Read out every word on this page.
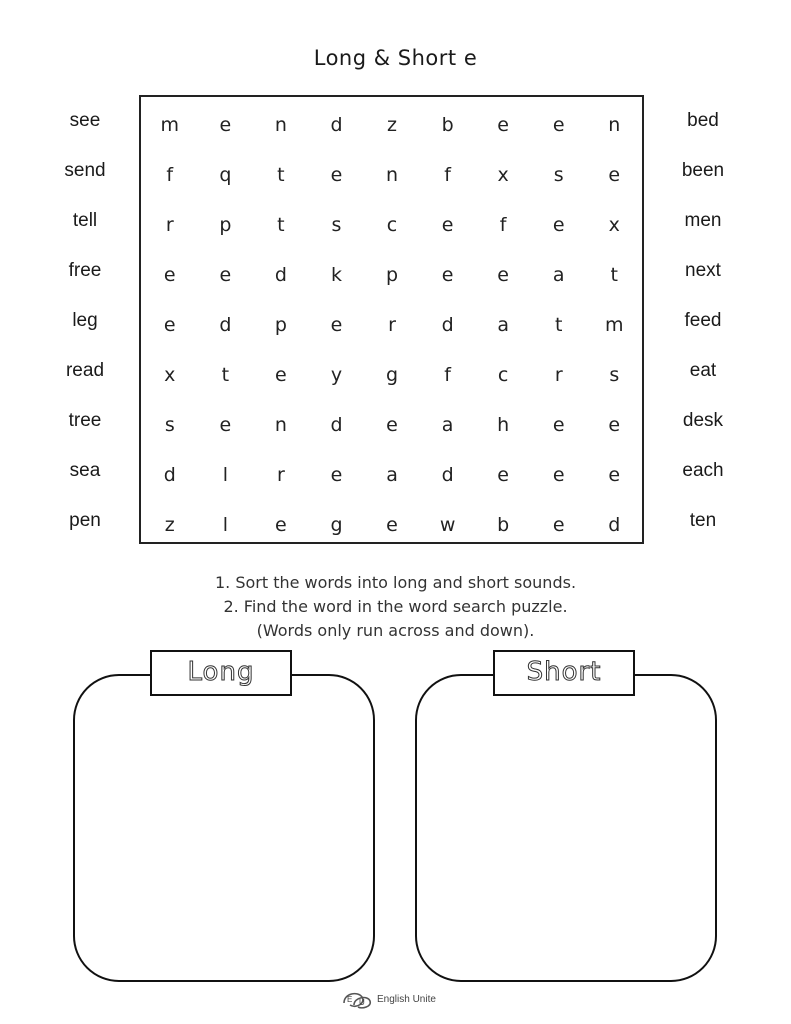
Long & Short e
see
send
tell
free
leg
read
tree
sea
pen
bed
been
men
next
feed
eat
desk
each
ten
m	e	n	d	z	b	e	e	n
f	q	t	e	n	f	x	s	e
r	p	t	s	c	e	f	e	x
e	e	d	k	p	e	e	a	t
e	d	p	e	r	d	a	t	m
x	t	e	y	g	f	c	r	s
s	e	n	d	e	a	h	e	e
d	l	r	e	a	d	e	e	e
z	l	e	g	e	w	b	e	d
1. Sort the words into long and short sounds.
2. Find the word in the word search puzzle.
(Words only run across and down).
Long	Short
E U English Unite
